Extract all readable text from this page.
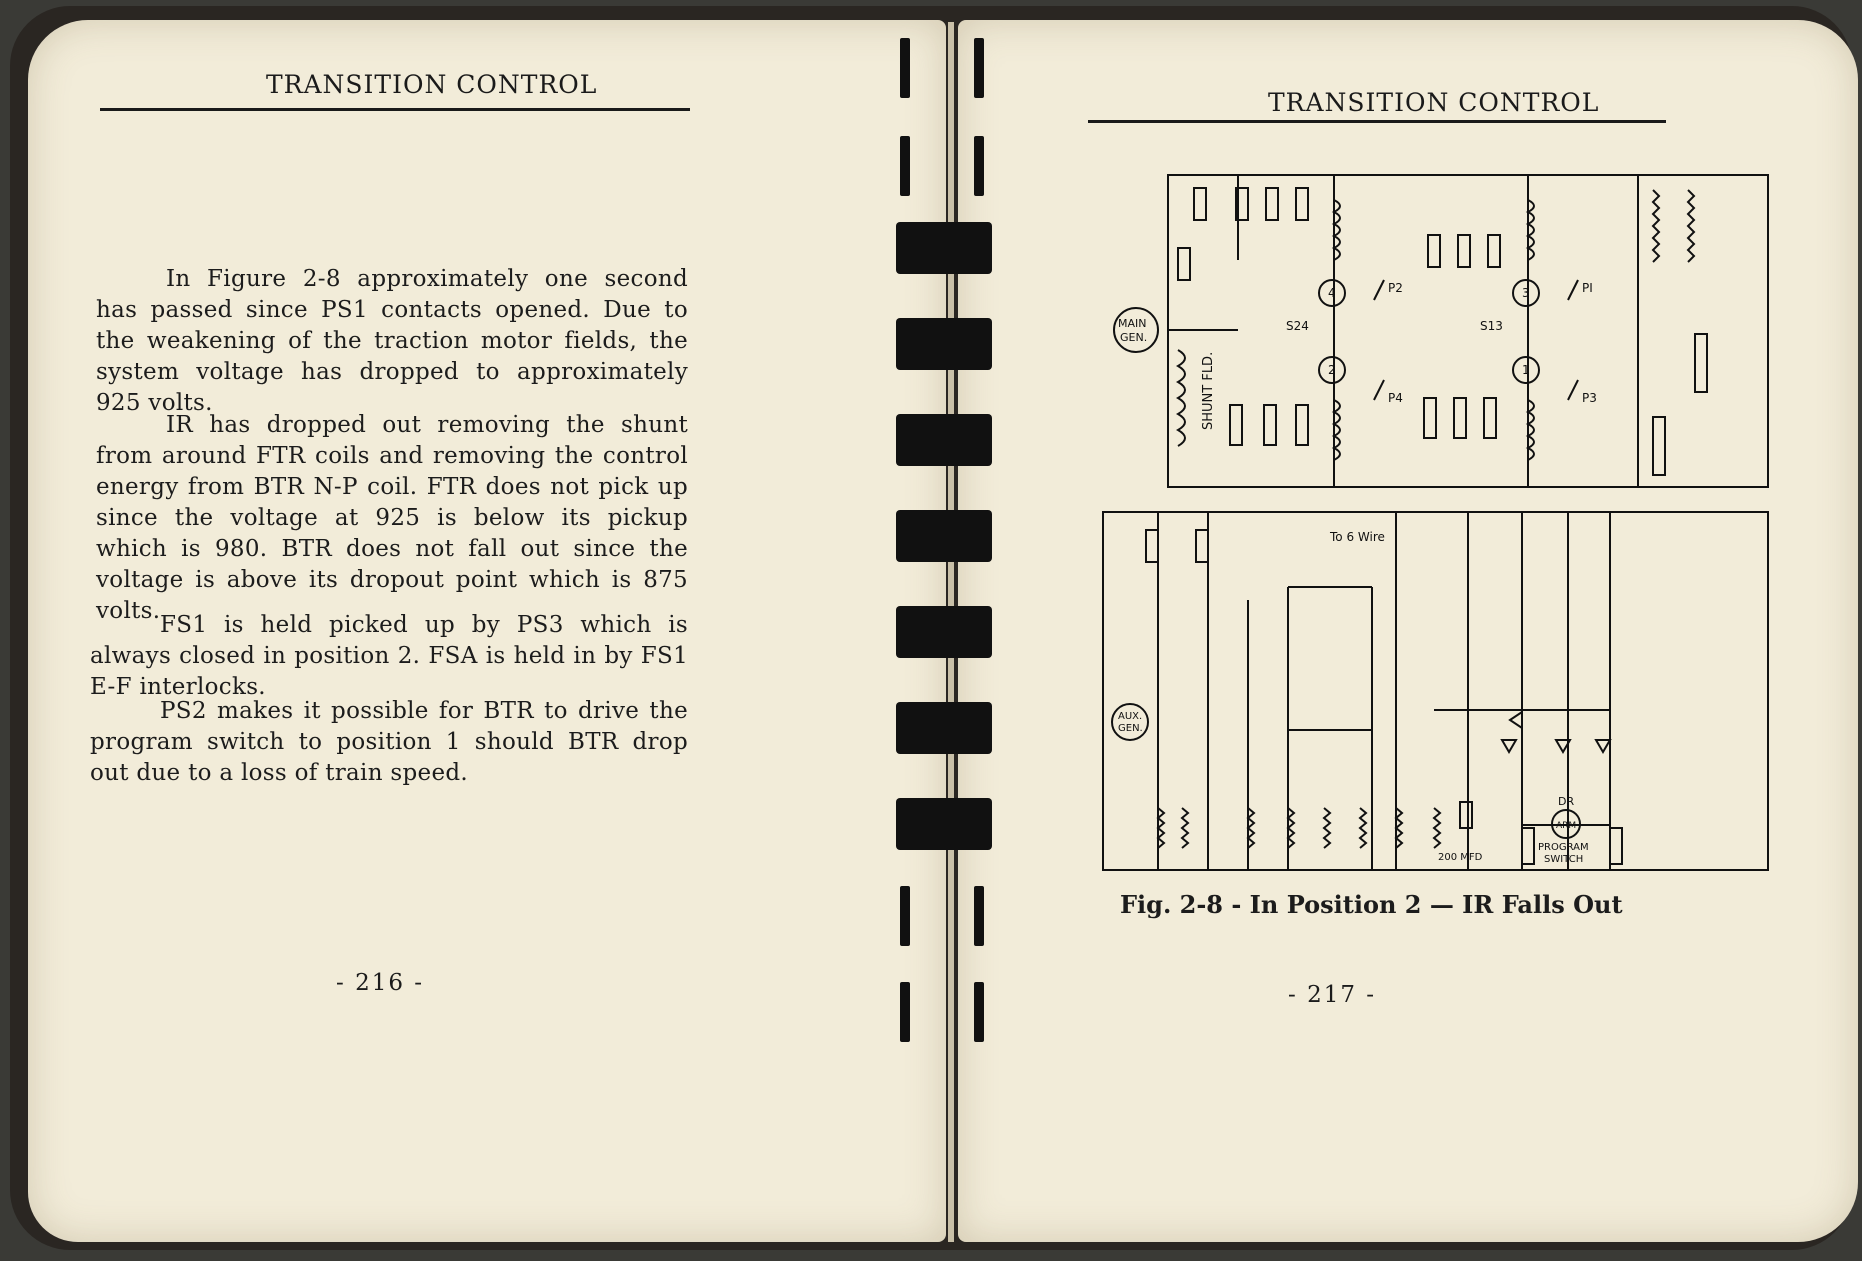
TRANSITION CONTROL
In Figure 2-8 approximately one second has passed since PS1 contacts opened. Due to the weakening of the traction motor fields, the system voltage has dropped to approximately 925 volts.
IR has dropped out removing the shunt from around FTR coils and removing the control energy from BTR N-P coil. FTR does not pick up since the voltage at 925 is below its pickup which is 980. BTR does not fall out since the voltage is above its dropout point which is 875 volts.
FS1 is held picked up by PS3 which is always closed in position 2. FSA is held in by FS1 E-F interlocks.
PS2 makes it possible for BTR to drive the program switch to position 1 should BTR drop out due to a loss of train speed.
- 216 -
TRANSITION CONTROL
MAIN
GEN.
AUX.
GEN.
SHUNT FLD.
4	3
2	1
P2	PI
P4	P3
S24	S13
To 6 Wire
200 MFD
DR
ARM
PROGRAM
SWITCH
Fig. 2-8 - In Position 2 — IR Falls Out
- 217 -
